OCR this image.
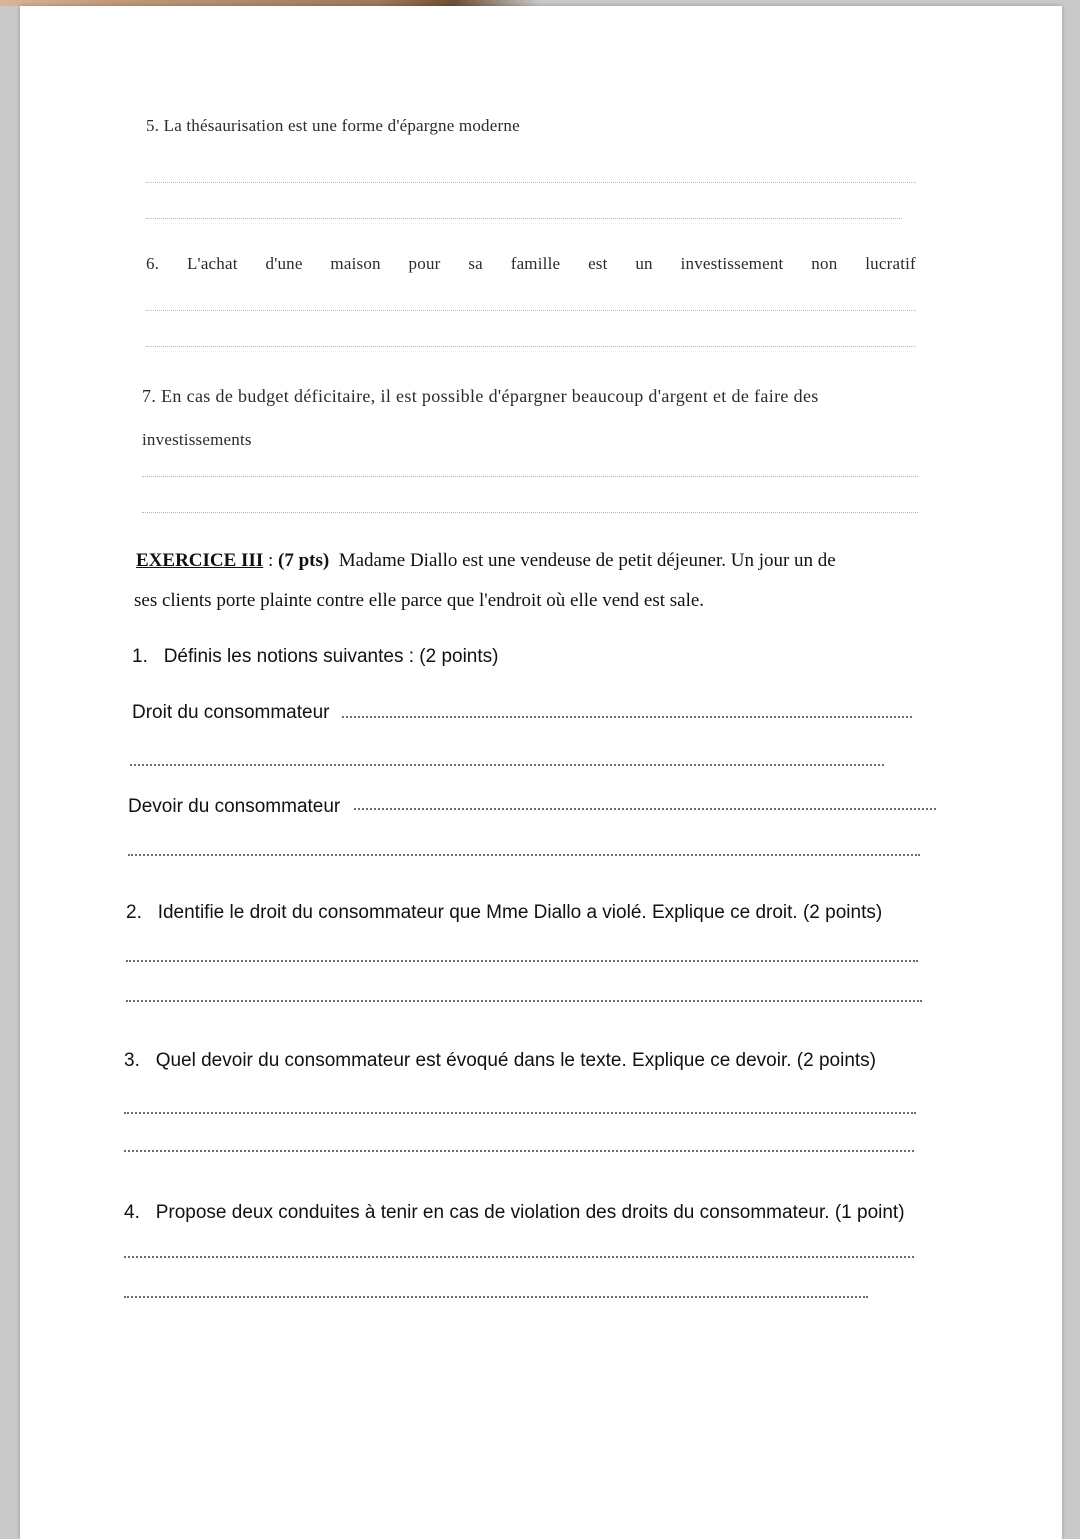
5. La thésaurisation est une forme d'épargne moderne
6. L'achat d'une maison pour sa famille est un investissement non lucratif
7. En cas de budget déficitaire, il est possible d'épargner beaucoup d'argent et de faire des
investissements
EXERCICE III : (7 pts) Madame Diallo est une vendeuse de petit déjeuner. Un jour un de
ses clients porte plainte contre elle parce que l'endroit où elle vend est sale.
1. Définis les notions suivantes : (2 points)
Droit du consommateur
Devoir du consommateur
2. Identifie le droit du consommateur que Mme Diallo a violé. Explique ce droit. (2 points)
3. Quel devoir du consommateur est évoqué dans le texte. Explique ce devoir. (2 points)
4. Propose deux conduites à tenir en cas de violation des droits du consommateur. (1 point)
